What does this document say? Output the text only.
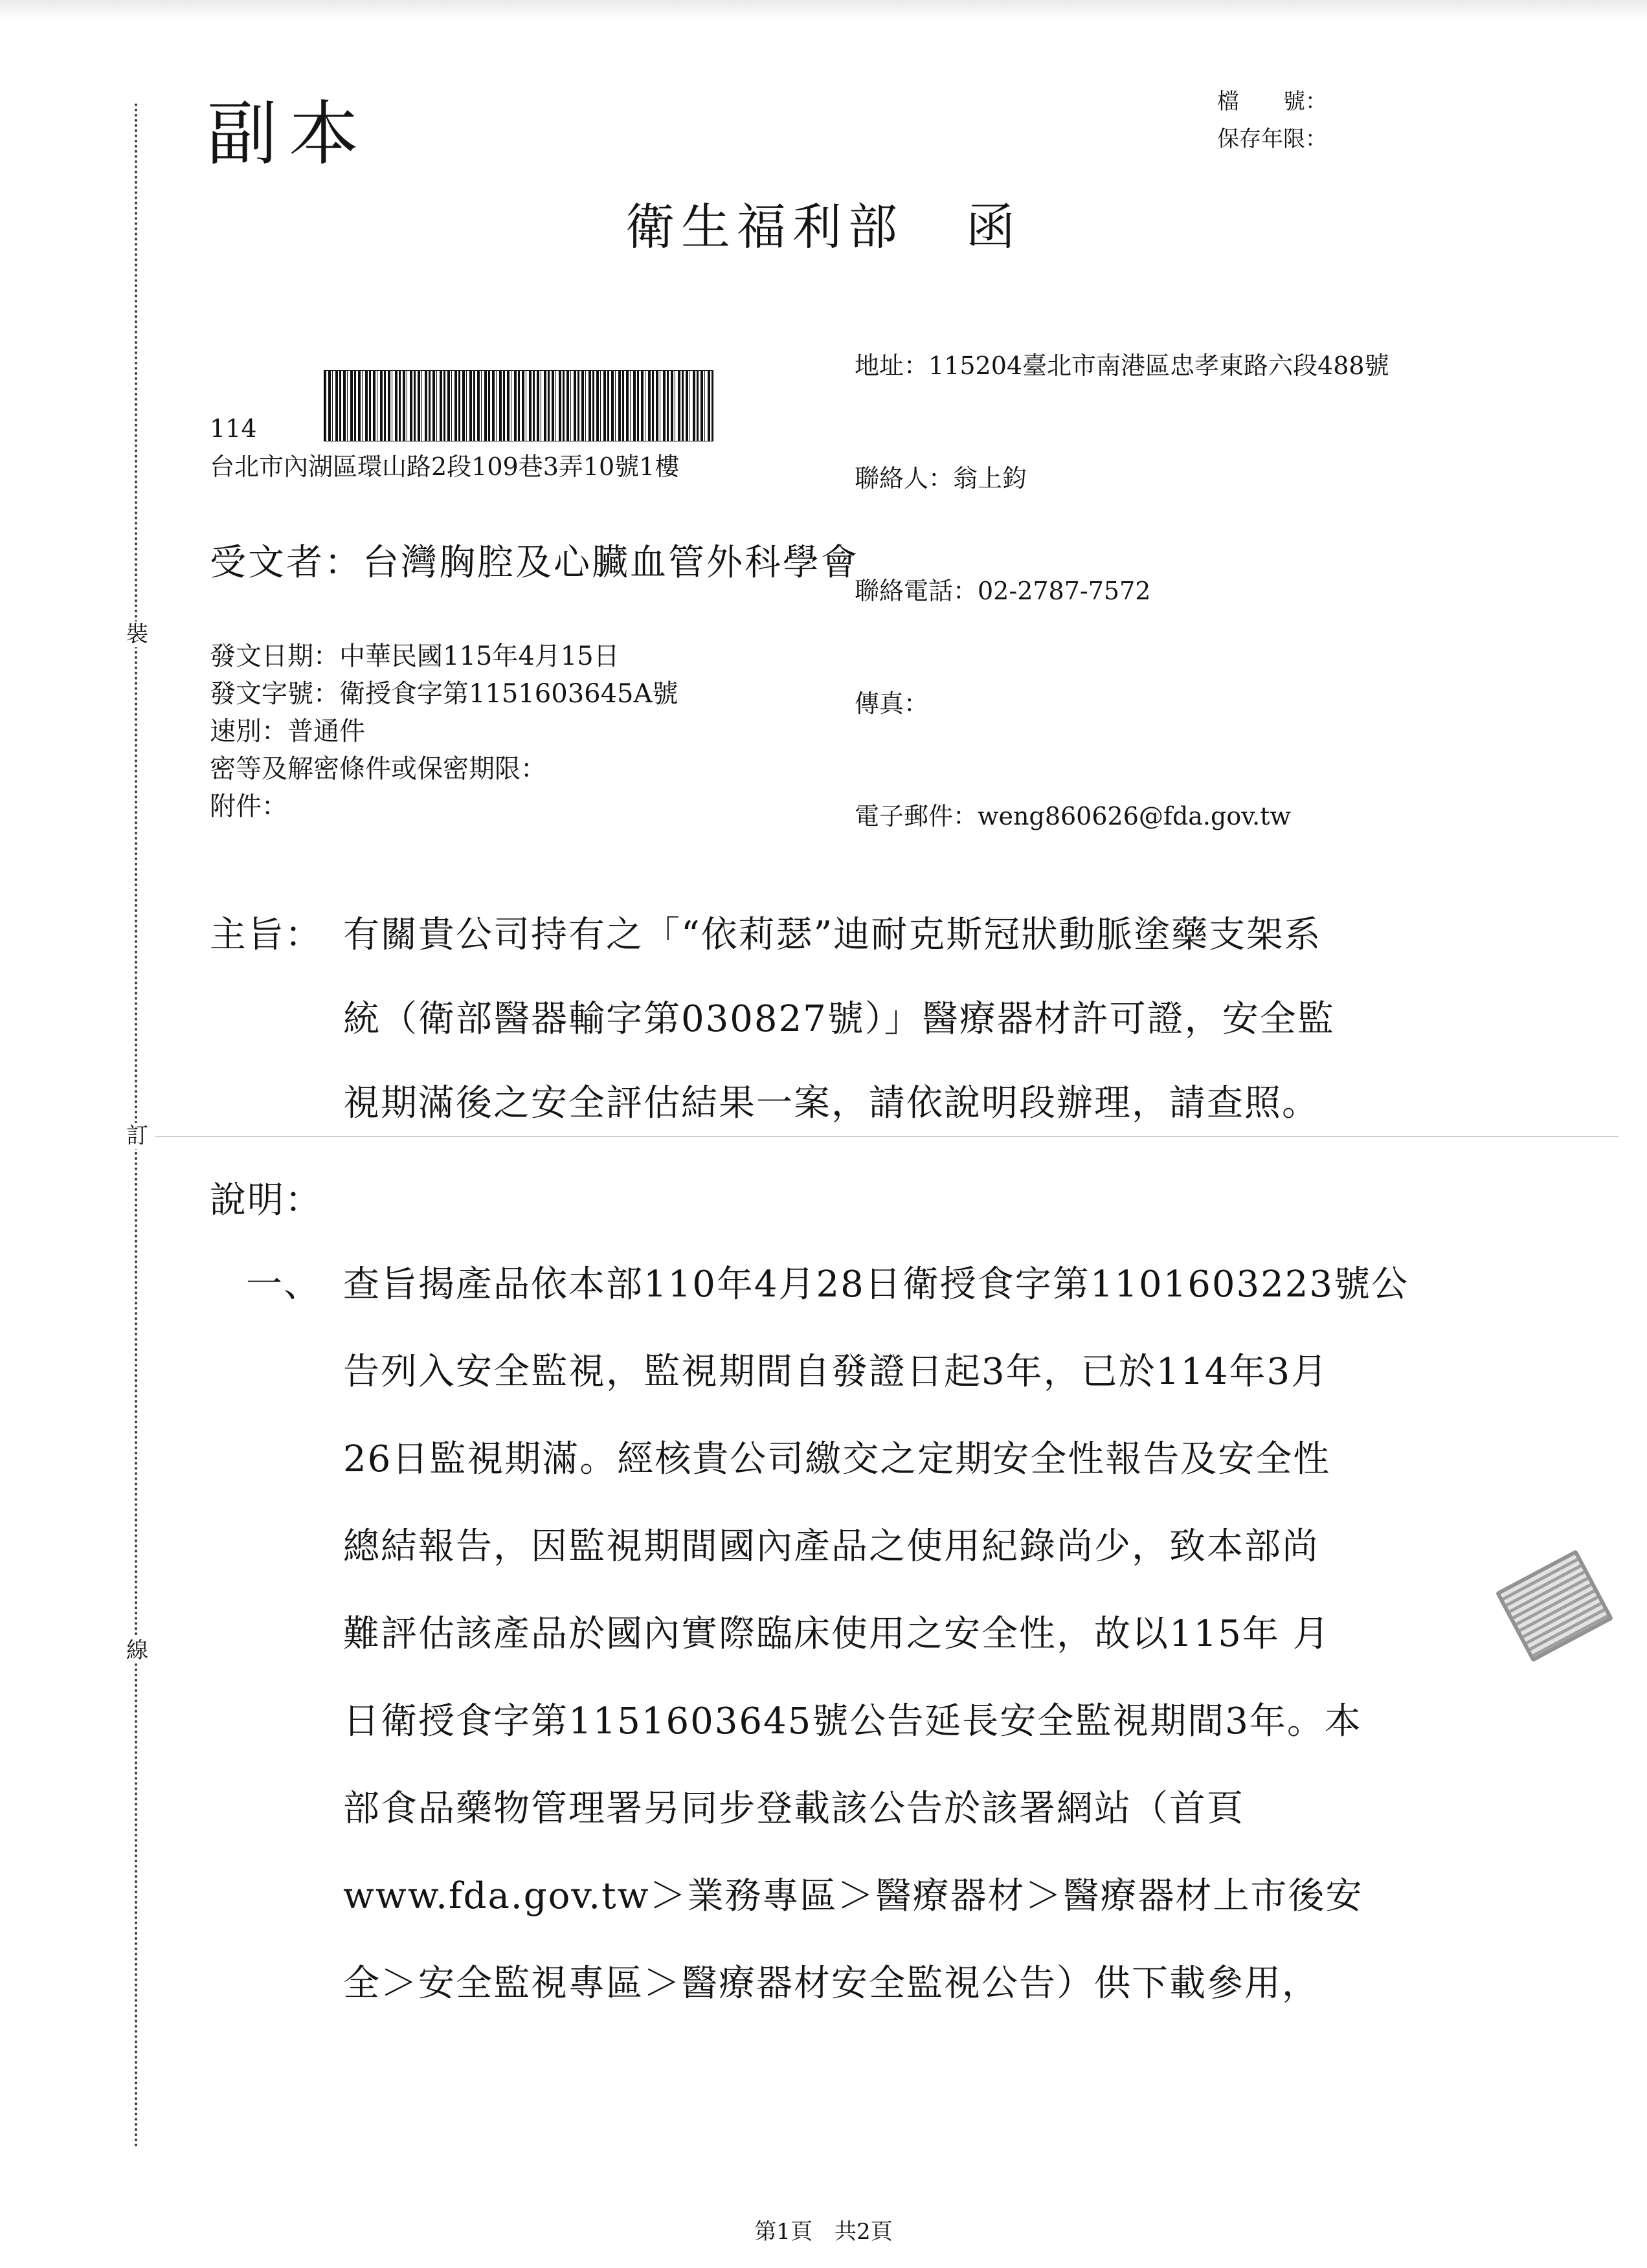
裝
訂
線
副本	檔　　號：
保存年限：
衛生福利部 函

地址：115204臺北市南港區忠孝東路六段488號

聯絡人：翁上鈞

聯絡電話：02-2787-7572

傳真：

電子郵件：weng860626@fda.gov.tw

114
台北市內湖區環山路2段109巷3弄10號1樓
受文者：台灣胸腔及心臟血管外科學會
發文日期：中華民國115年4月15日
發文字號：衛授食字第1151603645A號
速別：普通件
密等及解密條件或保密期限：
附件：
主旨： 有關貴公司持有之「“依莉瑟”迪耐克斯冠狀動脈塗藥支架系
統（衛部醫器輸字第030827號）」醫療器材許可證，安全監
視期滿後之安全評估結果一案，請依說明段辦理，請查照。
說明：
一、 查旨揭產品依本部110年4月28日衛授食字第1101603223號公
告列入安全監視，監視期間自發證日起3年，已於114年3月
26日監視期滿。經核貴公司繳交之定期安全性報告及安全性
總結報告，因監視期間國內產品之使用紀錄尚少，致本部尚
難評估該產品於國內實際臨床使用之安全性，故以115年 月
日衛授食字第1151603645號公告延長安全監視期間3年。本
部食品藥物管理署另同步登載該公告於該署網站（首頁
www.fda.gov.tw＞業務專區＞醫療器材＞醫療器材上市後安
全＞安全監視專區＞醫療器材安全監視公告）供下載參用，
第1頁　共2頁
